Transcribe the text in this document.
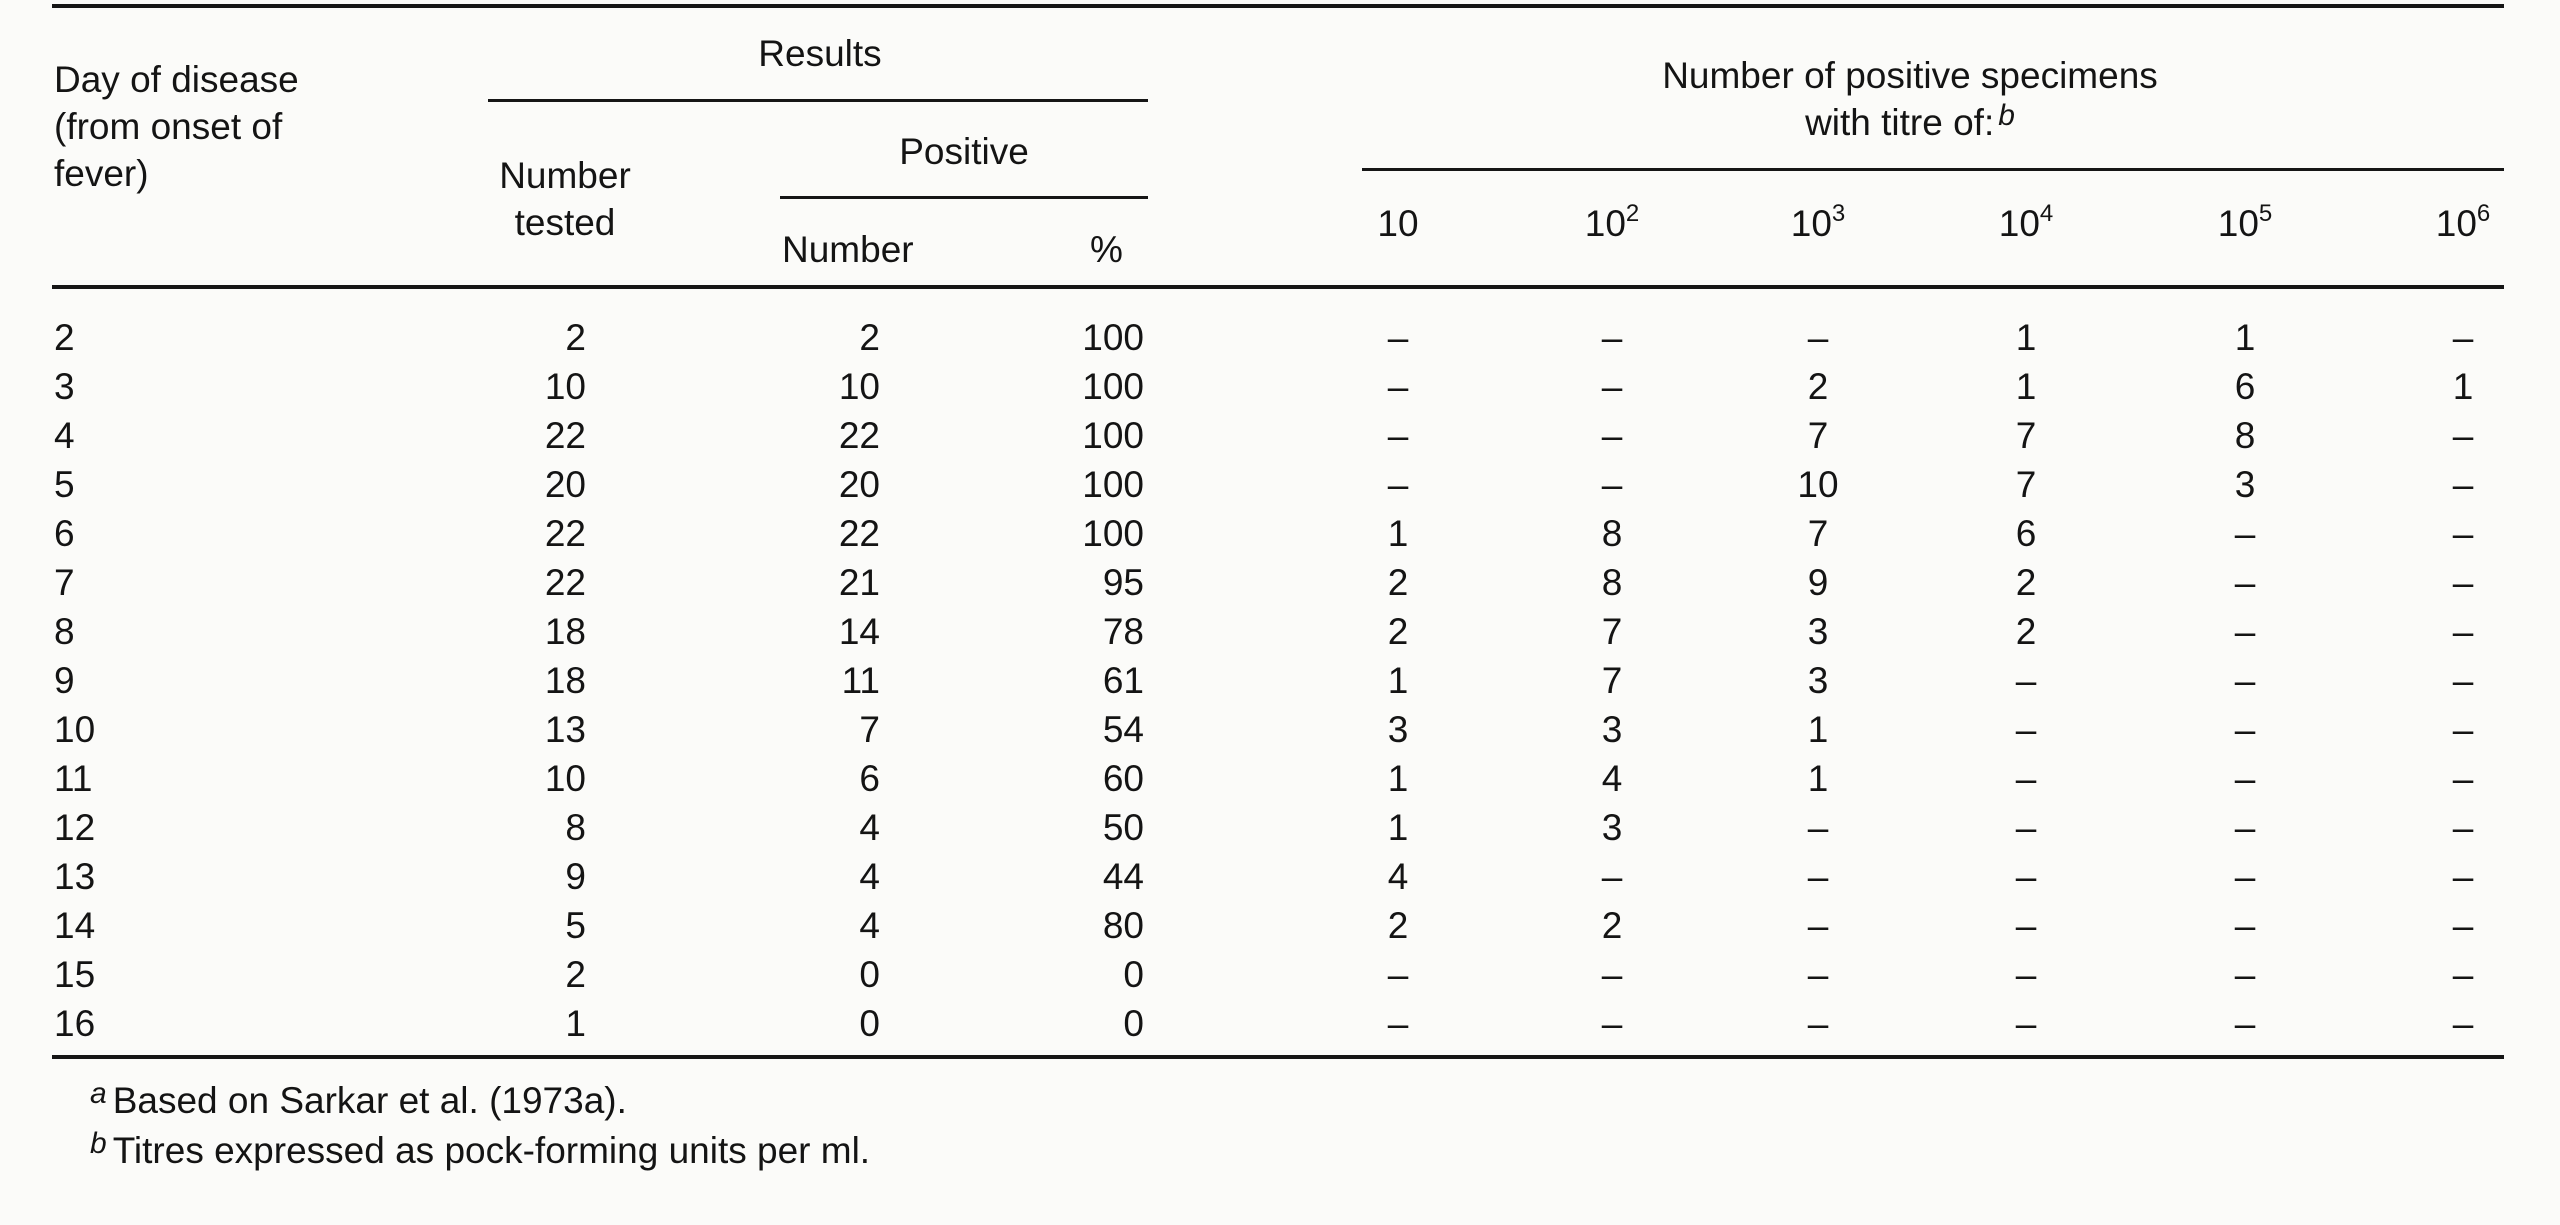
Day of disease (from onset of fever)
Results
Number tested
Positive
Number	%
Number of positive specimens with titre of: $^b$
10	$10^2$	$10^3$	$10^4$	$10^5$	$10^6$
2	2	2	100	–	–	–	1	1	–
3	10	10	100	–	–	2	1	6	1
4	22	22	100	–	–	7	7	8	–
5	20	20	100	–	–	10	7	3	–
6	22	22	100	1	8	7	6	–	–
7	22	21	95	2	8	9	2	–	–
8	18	14	78	2	7	3	2	–	–
9	18	11	61	1	7	3	–	–	–
10	13	7	54	3	3	1	–	–	–
11	10	6	60	1	4	1	–	–	–
12	8	4	50	1	3	–	–	–	–
13	9	4	44	4	–	–	–	–	–
14	5	4	80	2	2	–	–	–	–
15	2	0	0	–	–	–	–	–	–
16	1	0	0	–	–	–	–	–	–
$^a$ Based on Sarkar et al. (1973a).
$^b$ Titres expressed as pock-forming units per ml.
